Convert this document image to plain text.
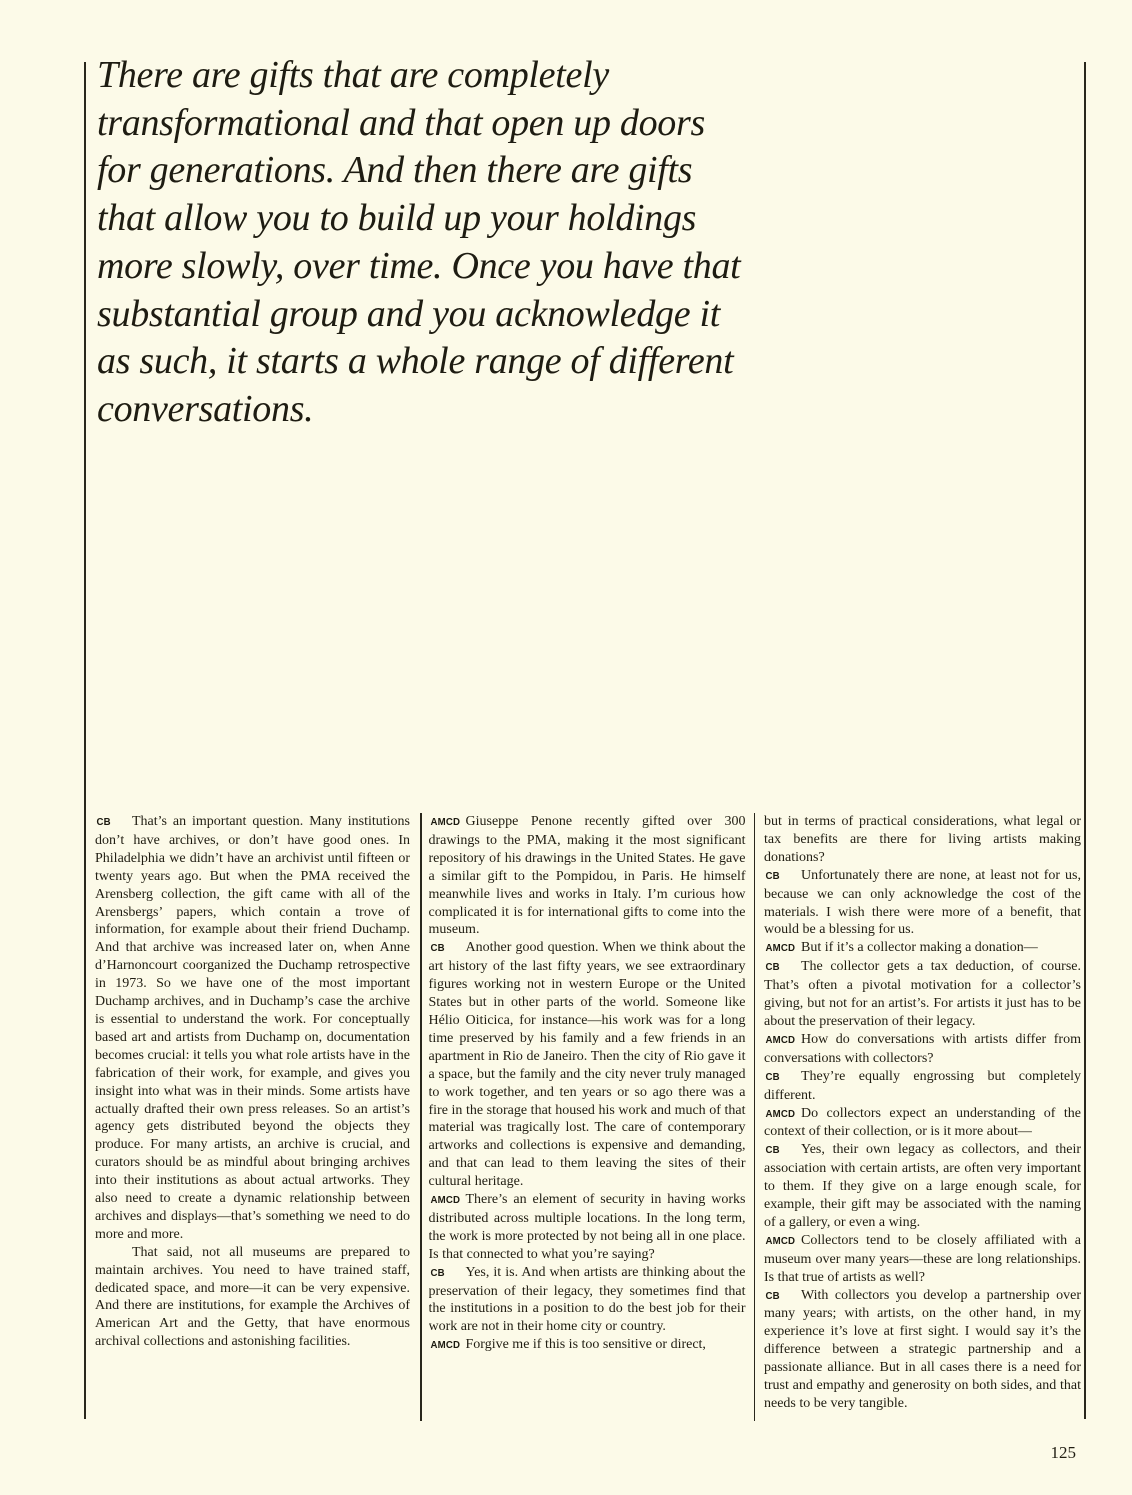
There are gifts that are completely
transformational and that open up doors
for generations. And then there are gifts
that allow you to build up your holdings
more slowly, over time. Once you have that
substantial group and you acknowledge it
as such, it starts a whole range of different
conversations.

CB That’s an important question. Many institutions don’t have archives, or don’t have good ones. In Philadelphia we didn’t have an archivist until fifteen or twenty years ago. But when the PMA received the Arensberg collection, the gift came with all of the Arensbergs’ papers, which contain a trove of information, for example about their friend Duchamp. And that archive was increased later on, when Anne d’Harnoncourt coorganized the Duchamp retrospective in 1973. So we have one of the most important Duchamp archives, and in Duchamp’s case the archive is essential to understand the work. For conceptually based art and artists from Duchamp on, documentation becomes crucial: it tells you what role artists have in the fabrication of their work, for example, and gives you insight into what was in their minds. Some artists have actually drafted their own press releases. So an artist’s agency gets distributed beyond the objects they produce. For many artists, an archive is crucial, and curators should be as mindful about bringing archives into their institutions as about actual artworks. They also need to create a dynamic relationship between archives and displays—that’s something we need to do more and more.

That said, not all museums are prepared to maintain archives. You need to have trained staff, dedicated space, and more—it can be very expensive. And there are institutions, for example the Archives of American Art and the Getty, that have enormous archival collections and astonishing facilities.

AMCD Giuseppe Penone recently gifted over 300 drawings to the PMA, making it the most significant repository of his drawings in the United States. He gave a similar gift to the Pompidou, in Paris. He himself meanwhile lives and works in Italy. I’m curious how complicated it is for international gifts to come into the museum.

CB Another good question. When we think about the art history of the last fifty years, we see extraordinary figures working not in western Europe or the United States but in other parts of the world. Someone like Hélio Oiticica, for instance—his work was for a long time preserved by his family and a few friends in an apartment in Rio de Janeiro. Then the city of Rio gave it a space, but the family and the city never truly managed to work together, and ten years or so ago there was a fire in the storage that housed his work and much of that material was tragically lost. The care of contemporary artworks and collections is expensive and demanding, and that can lead to them leaving the sites of their cultural heritage.

AMCD There’s an element of security in having works distributed across multiple locations. In the long term, the work is more protected by not being all in one place. Is that connected to what you’re saying?

CB Yes, it is. And when artists are thinking about the preservation of their legacy, they sometimes find that the institutions in a position to do the best job for their work are not in their home city or country.

AMCD Forgive me if this is too sensitive or direct,

but in terms of practical considerations, what legal or tax benefits are there for living artists making donations?

CB Unfortunately there are none, at least not for us, because we can only acknowledge the cost of the materials. I wish there were more of a benefit, that would be a blessing for us.

AMCD But if it’s a collector making a donation—

CB The collector gets a tax deduction, of course. That’s often a pivotal motivation for a collector’s giving, but not for an artist’s. For artists it just has to be about the preservation of their legacy.

AMCD How do conversations with artists differ from conversations with collectors?

CB They’re equally engrossing but completely different.

AMCD Do collectors expect an understanding of the context of their collection, or is it more about—

CB Yes, their own legacy as collectors, and their association with certain artists, are often very important to them. If they give on a large enough scale, for example, their gift may be associated with the naming of a gallery, or even a wing.

AMCD Collectors tend to be closely affiliated with a museum over many years—these are long relationships. Is that true of artists as well?

CB With collectors you develop a partnership over many years; with artists, on the other hand, in my experience it’s love at first sight. I would say it’s the difference between a strategic partnership and a passionate alliance. But in all cases there is a need for trust and empathy and generosity on both sides, and that needs to be very tangible.

125
